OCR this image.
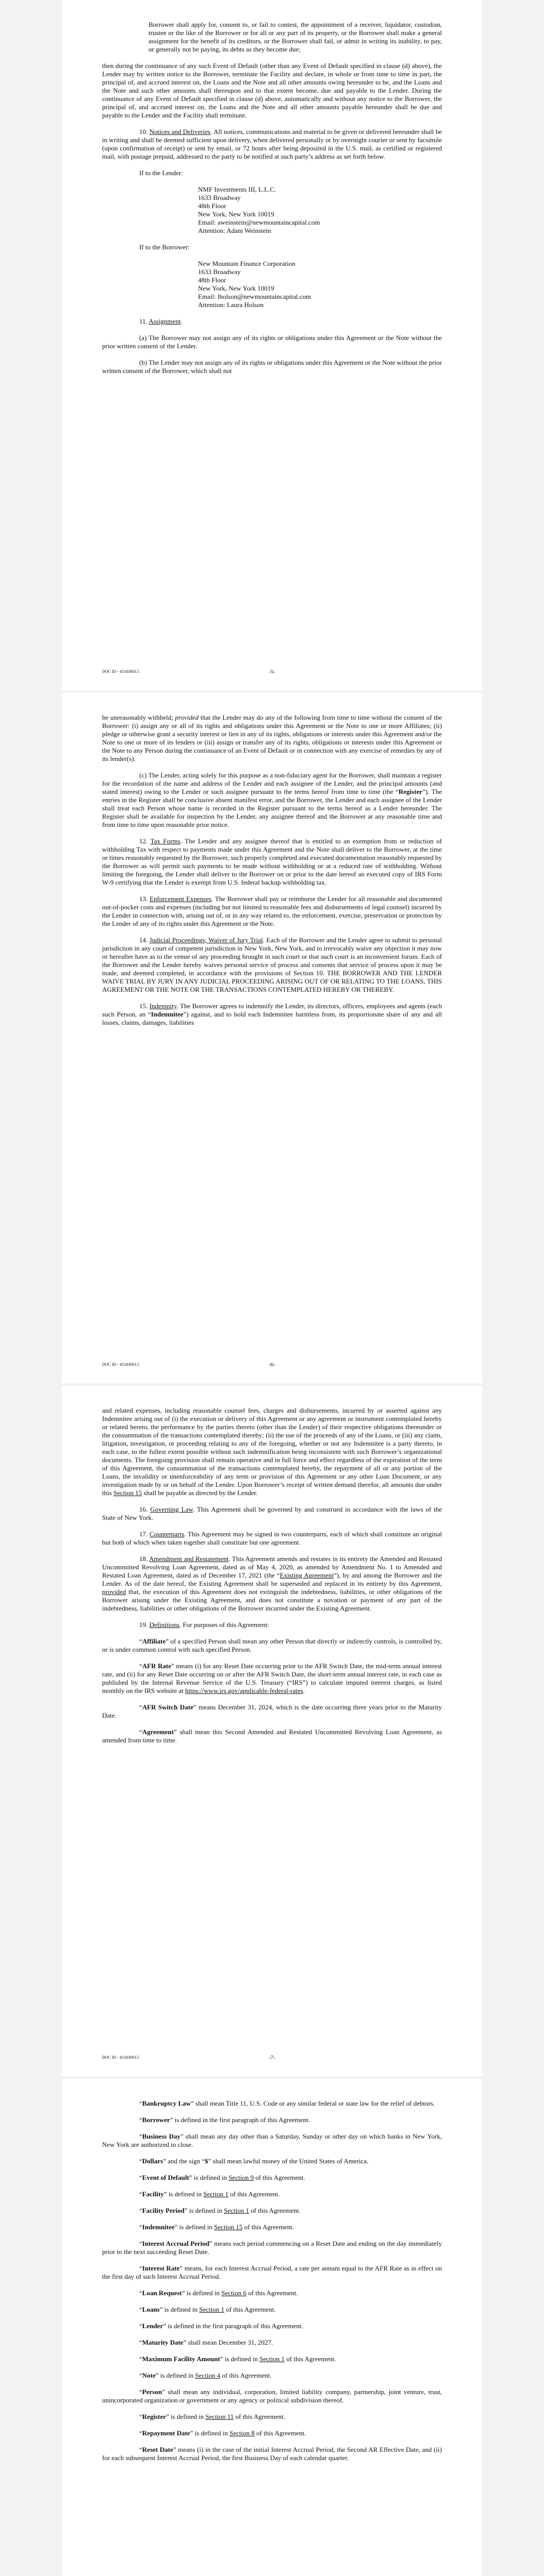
Borrower shall apply for, consent to, or fail to contest, the appointment of a receiver, liquidator, custodian, trustee or the like of the Borrower or for all or any part of its property, or the Borrower shall make a general assignment for the benefit of its creditors, or the Borrower shall fail, or admit in writing its inability, to pay, or generally not be paying, its debts as they become due;

then during the continuance of any such Event of Default (other than any Event of Default specified in clause (d) above), the Lender may by written notice to the Borrower, terminate the Facility and declare, in whole or from time to time in part, the principal of, and accrued interest on, the Loans and the Note and all other amounts owing hereunder to be, and the Loans and the Note and such other amounts shall thereupon and to that extent become, due and payable to the Lender. During the continuance of any Event of Default specified in clause (d) above, automatically and without any notice to the Borrower, the principal of, and accrued interest on, the Loans and the Note and all other amounts payable hereunder shall be due and payable to the Lender and the Facility shall terminate.

10. Notices and Deliveries. All notices, communications and material to be given or delivered hereunder shall be in writing and shall be deemed sufficient upon delivery, when delivered personally or by overnight courier or sent by facsimile (upon confirmation of receipt) or sent by email, or 72 hours after being deposited in the U.S. mail, as certified or registered mail, with postage prepaid, addressed to the party to be notified at such party’s address as set forth below.

If to the Lender:

NMF Investments III, L.L.C.

1633 Broadway

48th Floor

New York, New York 10019

Email: aweinstein@newmountaincapital.com

Attention: Adam Weinstein

If to the Borrower:

New Mountain Finance Corporation

1633 Broadway

48th Floor

New York, New York 10019

Email: lholson@newmountaincapital.com

Attention: Laura Holson

11. Assignment.

(a) The Borrower may not assign any of its rights or obligations under this Agreement or the Note without the prior written consent of the Lender.

(b) The Lender may not assign any of its rights or obligations under this Agreement or the Note without the prior written consent of the Borrower, which shall not

DOC ID - 45183003.5	-5-

be unreasonably withheld; provided that the Lender may do any of the following from time to time without the consent of the Borrower: (i) assign any or all of its rights and obligations under this Agreement or the Note to one or more Affiliates; (ii) pledge or otherwise grant a security interest or lien in any of its rights, obligations or interests under this Agreement and/or the Note to one or more of its lenders or (iii) assign or transfer any of its rights, obligations or interests under this Agreement or the Note to any Person during the continuance of an Event of Default or in connection with any exercise of remedies by any of its lender(s).

(c) The Lender, acting solely for this purpose as a non-fiduciary agent for the Borrower, shall maintain a register for the recordation of the name and address of the Lender and each assignee of the Lender, and the principal amounts (and stated interest) owing to the Lender or such assignee pursuant to the terms hereof from time to time (the “Register”). The entries in the Register shall be conclusive absent manifest error, and the Borrower, the Lender and each assignee of the Lender shall treat each Person whose name is recorded in the Register pursuant to the terms hereof as a Lender hereunder. The Register shall be available for inspection by the Lender, any assignee thereof and the Borrower at any reasonable time and from time to time upon reasonable prior notice.

12. Tax Forms. The Lender and any assignee thereof that is entitled to an exemption from or reduction of withholding Tax with respect to payments made under this Agreement and the Note shall deliver to the Borrower, at the time or times reasonably requested by the Borrower, such properly completed and executed documentation reasonably requested by the Borrower as will permit such payments to be made without withholding or at a reduced rate of withholding. Without limiting the foregoing, the Lender shall deliver to the Borrower on or prior to the date hereof an executed copy of IRS Form W-9 certifying that the Lender is exempt from U.S. federal backup withholding tax.

13. Enforcement Expenses. The Borrower shall pay or reimburse the Lender for all reasonable and documented out-of-pocket costs and expenses (including but not limited to reasonable fees and disbursements of legal counsel) incurred by the Lender in connection with, arising out of, or in any way related to, the enforcement, exercise, preservation or protection by the Lender of any of its rights under this Agreement or the Note.

14. Judicial Proceedings; Waiver of Jury Trial. Each of the Borrower and the Lender agree to submit to personal jurisdiction in any court of competent jurisdiction in New York, New York, and to irrevocably waive any objection it may now or hereafter have as to the venue of any proceeding brought in such court or that such court is an inconvenient forum. Each of the Borrower and the Lender hereby waives personal service of process and consents that service of process upon it may be made, and deemed completed, in accordance with the provisions of Section 10. THE BORROWER AND THE LENDER WAIVE TRIAL BY JURY IN ANY JUDICIAL PROCEEDING ARISING OUT OF OR RELATING TO THE LOANS, THIS AGREEMENT OR THE NOTE OR THE TRANSACTIONS CONTEMPLATED HEREBY OR THEREBY.

15. Indemnity. The Borrower agrees to indemnify the Lender, its directors, officers, employees and agents (each such Person, an “Indemnitee”) against, and to hold each Indemnitee harmless from, its proportionate share of any and all losses, claims, damages, liabilities

DOC ID - 45183003.5	-6-

and related expenses, including reasonable counsel fees, charges and disbursements, incurred by or asserted against any Indemnitee arising out of (i) the execution or delivery of this Agreement or any agreement or instrument contemplated hereby or related hereto, the performance by the parties thereto (other than the Lender) of their respective obligations thereunder or the consummation of the transactions contemplated thereby; (ii) the use of the proceeds of any of the Loans, or (iii) any claim, litigation, investigation, or proceeding relating to any of the foregoing, whether or not any Indemnitee is a party thereto, in each case, to the fullest extent possible without such indemnification being inconsistent with such Borrower’s organizational documents. The foregoing provision shall remain operative and in full force and effect regardless of the expiration of the term of this Agreement, the consummation of the transactions contemplated hereby, the repayment of all or any portion of the Loans, the invalidity or unenforceability of any term or provision of this Agreement or any other Loan Document, or any investigation made by or on behalf of the Lender. Upon Borrower’s receipt of written demand therefor, all amounts due under this Section 15 shall be payable as directed by the Lender.

16. Governing Law. This Agreement shall be governed by and construed in accordance with the laws of the State of New York.

17. Counterparts. This Agreement may be signed in two counterparts, each of which shall constitute an original but both of which when taken together shall constitute but one agreement.

18. Amendment and Restatement. This Agreement amends and restates in its entirety the Amended and Restated Uncommitted Revolving Loan Agreement, dated as of May 4, 2020, as amended by Amendment No. 1 to Amended and Restated Loan Agreement, dated as of December 17, 2021 (the “Existing Agreement”), by and among the Borrower and the Lender. As of the date hereof, the Existing Agreement shall be superseded and replaced in its entirety by this Agreement, provided that, the execution of this Agreement does not extinguish the indebtedness, liabilities, or other obligations of the Borrower arising under the Existing Agreement, and does not constitute a novation or payment of any part of the indebtedness, liabilities or other obligations of the Borrower incurred under the Existing Agreement.

19. Definitions. For purposes of this Agreement:

“Affiliate” of a specified Person shall mean any other Person that directly or indirectly controls, is controlled by, or is under common control with such specified Person.

“AFR Rate” means (i) for any Reset Date occurring prior to the AFR Switch Date, the mid-term annual interest rate, and (ii) for any Reset Date occurring on or after the AFR Switch Date, the short-term annual interest rate, in each case as published by the Internal Revenue Service of the U.S. Treasury (“IRS”) to calculate imputed interest charges, as listed monthly on the IRS website at https://www.irs.gov/applicable-federal-rates.

“AFR Switch Date” means December 31, 2024, which is the date occurring three years prior to the Maturity Date.

“Agreement” shall mean this Second Amended and Restated Uncommitted Revolving Loan Agreement, as amended from time to time.

DOC ID - 45183003.5	-7-

“Bankruptcy Law” shall mean Title 11, U.S. Code or any similar federal or state law for the relief of debtors.

“Borrower” is defined in the first paragraph of this Agreement.

“Business Day” shall mean any day other than a Saturday, Sunday or other day on which banks in New York, New York are authorized to close.

“Dollars” and the sign “$” shall mean lawful money of the United States of America.

“Event of Default” is defined in Section 9 of this Agreement.

“Facility” is defined in Section 1 of this Agreement.

“Facility Period” is defined in Section 1 of this Agreement.

“Indemnitee” is defined in Section 15 of this Agreement.

“Interest Accrual Period” means each period commencing on a Reset Date and ending on the day immediately prior to the next succeeding Reset Date.

“Interest Rate” means, for each Interest Accrual Period, a rate per annum equal to the AFR Rate as in effect on the first day of such Interest Accrual Period.

“Loan Request” is defined in Section 6 of this Agreement.

“Loans” is defined in Section 1 of this Agreement.

“Lender” is defined in the first paragraph of this Agreement.

“Maturity Date” shall mean December 31, 2027.

“Maximum Facility Amount” is defined in Section 1 of this Agreement.

“Note” is defined in Section 4 of this Agreement.

“Person” shall mean any individual, corporation, limited liability company, partnership, joint venture, trust, unincorporated organization or government or any agency or political subdivision thereof.

“Register” is defined in Section 11 of this Agreement.

“Repayment Date” is defined in Section 8 of this Agreement.

“Reset Date” means (i) in the case of the initial Interest Accrual Period, the Second AR Effective Date, and (ii) for each subsequent Interest Accrual Period, the first Business Day of each calendar quarter.
